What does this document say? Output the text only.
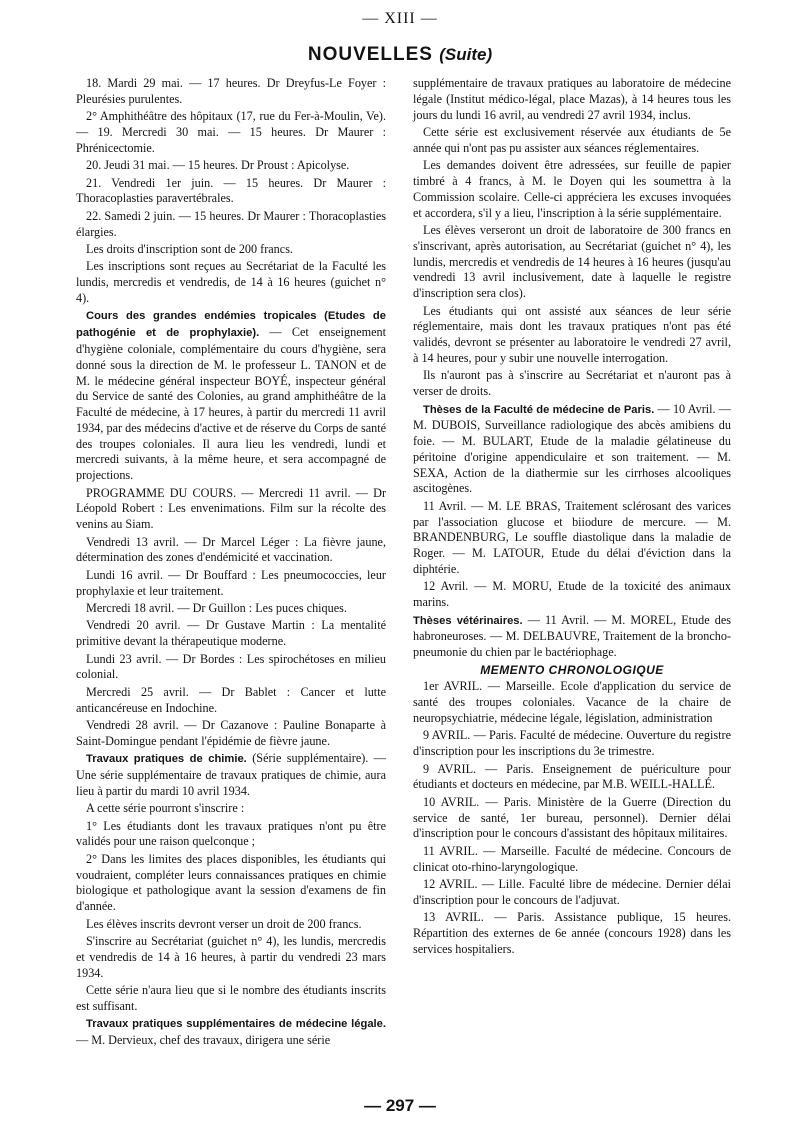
— XIII —
NOUVELLES (Suite)

18. Mardi 29 mai. — 17 heures. Dr Dreyfus-Le Foyer : Pleurésies purulentes.

2° Amphithéâtre des hôpitaux (17, rue du Fer-à-Moulin, Ve). — 19. Mercredi 30 mai. — 15 heures. Dr Maurer : Phrénicectomie.

20. Jeudi 31 mai. — 15 heures. Dr Proust : Apicolyse.

21. Vendredi 1er juin. — 15 heures. Dr Maurer : Thoracoplasties paravertébrales.

22. Samedi 2 juin. — 15 heures. Dr Maurer : Thoracoplasties élargies.

Les droits d'inscription sont de 200 francs.

Les inscriptions sont reçues au Secrétariat de la Faculté les lundis, mercredis et vendredis, de 14 à 16 heures (guichet n° 4).

Cours des grandes endémies tropicales (Etudes de pathogénie et de prophylaxie). — Cet enseignement d'hygiène coloniale, complémentaire du cours d'hygiène, sera donné sous la direction de M. le professeur L. TANON et de M. le médecine général inspecteur BOYÉ, inspecteur général du Service de santé des Colonies, au grand amphithéâtre de la Faculté de médecine, à 17 heures, à partir du mercredi 11 avril 1934, par des médecins d'active et de réserve du Corps de santé des troupes coloniales. Il aura lieu les vendredi, lundi et mercredi suivants, à la même heure, et sera accompagné de projections.

PROGRAMME DU COURS. — Mercredi 11 avril. — Dr Léopold Robert : Les envenimations. Film sur la récolte des venins au Siam.

Vendredi 13 avril. — Dr Marcel Léger : La fièvre jaune, détermination des zones d'endémicité et vaccination.

Lundi 16 avril. — Dr Bouffard : Les pneumococcies, leur prophylaxie et leur traitement.

Mercredi 18 avril. — Dr Guillon : Les puces chiques.

Vendredi 20 avril. — Dr Gustave Martin : La mentalité primitive devant la thérapeutique moderne.

Lundi 23 avril. — Dr Bordes : Les spirochétoses en milieu colonial.

Mercredi 25 avril. — Dr Bablet : Cancer et lutte anticancéreuse en Indochine.

Vendredi 28 avril. — Dr Cazanove : Pauline Bonaparte à Saint-Domingue pendant l'épidémie de fièvre jaune.

Travaux pratiques de chimie. (Série supplémentaire). — Une série supplémentaire de travaux pratiques de chimie, aura lieu à partir du mardi 10 avril 1934.

A cette série pourront s'inscrire :

1° Les étudiants dont les travaux pratiques n'ont pu être validés pour une raison quelconque ;

2° Dans les limites des places disponibles, les étudiants qui voudraient, compléter leurs connaissances pratiques en chimie biologique et pathologique avant la session d'examens de fin d'année.

Les élèves inscrits devront verser un droit de 200 francs.

S'inscrire au Secrétariat (guichet n° 4), les lundis, mercredis et vendredis de 14 à 16 heures, à partir du vendredi 23 mars 1934.

Cette série n'aura lieu que si le nombre des étudiants inscrits est suffisant.

Travaux pratiques supplémentaires de médecine légale. — M. Dervieux, chef des travaux, dirigera une série

supplémentaire de travaux pratiques au laboratoire de médecine légale (Institut médico-légal, place Mazas), à 14 heures tous les jours du lundi 16 avril, au vendredi 27 avril 1934, inclus.

Cette série est exclusivement réservée aux étudiants de 5e année qui n'ont pas pu assister aux séances réglementaires.

Les demandes doivent être adressées, sur feuille de papier timbré à 4 francs, à M. le Doyen qui les soumettra à la Commission scolaire. Celle-ci appréciera les excuses invoquées et accordera, s'il y a lieu, l'inscription à la série supplémentaire.

Les élèves verseront un droit de laboratoire de 300 francs en s'inscrivant, après autorisation, au Secrétariat (guichet n° 4), les lundis, mercredis et vendredis de 14 heures à 16 heures (jusqu'au vendredi 13 avril inclusivement, date à laquelle le registre d'inscription sera clos).

Les étudiants qui ont assisté aux séances de leur série réglementaire, mais dont les travaux pratiques n'ont pas été validés, devront se présenter au laboratoire le vendredi 27 avril, à 14 heures, pour y subir une nouvelle interrogation.

Ils n'auront pas à s'inscrire au Secrétariat et n'auront pas à verser de droits.

Thèses de la Faculté de médecine de Paris. — 10 Avril. — M. DUBOIS, Surveillance radiologique des abcès amibiens du foie. — M. BULART, Etude de la maladie gélatineuse du péritoine d'origine appendiculaire et son traitement. — M. SEXA, Action de la diathermie sur les cirrhoses alcooliques ascitogènes.

11 Avril. — M. LE BRAS, Traitement sclérosant des varices par l'association glucose et biiodure de mercure. — M. BRANDENBURG, Le souffle diastolique dans la maladie de Roger. — M. LATOUR, Etude du délai d'éviction dans la diphtérie.

12 Avril. — M. MORU, Etude de la toxicité des animaux marins.

Thèses vétérinaires. — 11 Avril. — M. MOREL, Etude des habroneuroses. — M. DELBAUVRE, Traitement de la broncho-pneumonie du chien par le bactériophage.

MEMENTO CHRONOLOGIQUE

1er AVRIL. — Marseille. Ecole d'application du service de santé des troupes coloniales. Vacance de la chaire de neuropsychiatrie, médecine légale, législation, administration

9 AVRIL. — Paris. Faculté de médecine. Ouverture du registre d'inscription pour les inscriptions du 3e trimestre.

9 AVRIL. — Paris. Enseignement de puériculture pour étudiants et docteurs en médecine, par M.B. WEILL-HALLÉ.

10 AVRIL. — Paris. Ministère de la Guerre (Direction du service de santé, 1er bureau, personnel). Dernier délai d'inscription pour le concours d'assistant des hôpitaux militaires.

11 AVRIL. — Marseille. Faculté de médecine. Concours de clinicat oto-rhino-laryngologique.

12 AVRIL. — Lille. Faculté libre de médecine. Dernier délai d'inscription pour le concours de l'adjuvat.

13 AVRIL. — Paris. Assistance publique, 15 heures. Répartition des externes de 6e année (concours 1928) dans les services hospitaliers.

— 297 —
